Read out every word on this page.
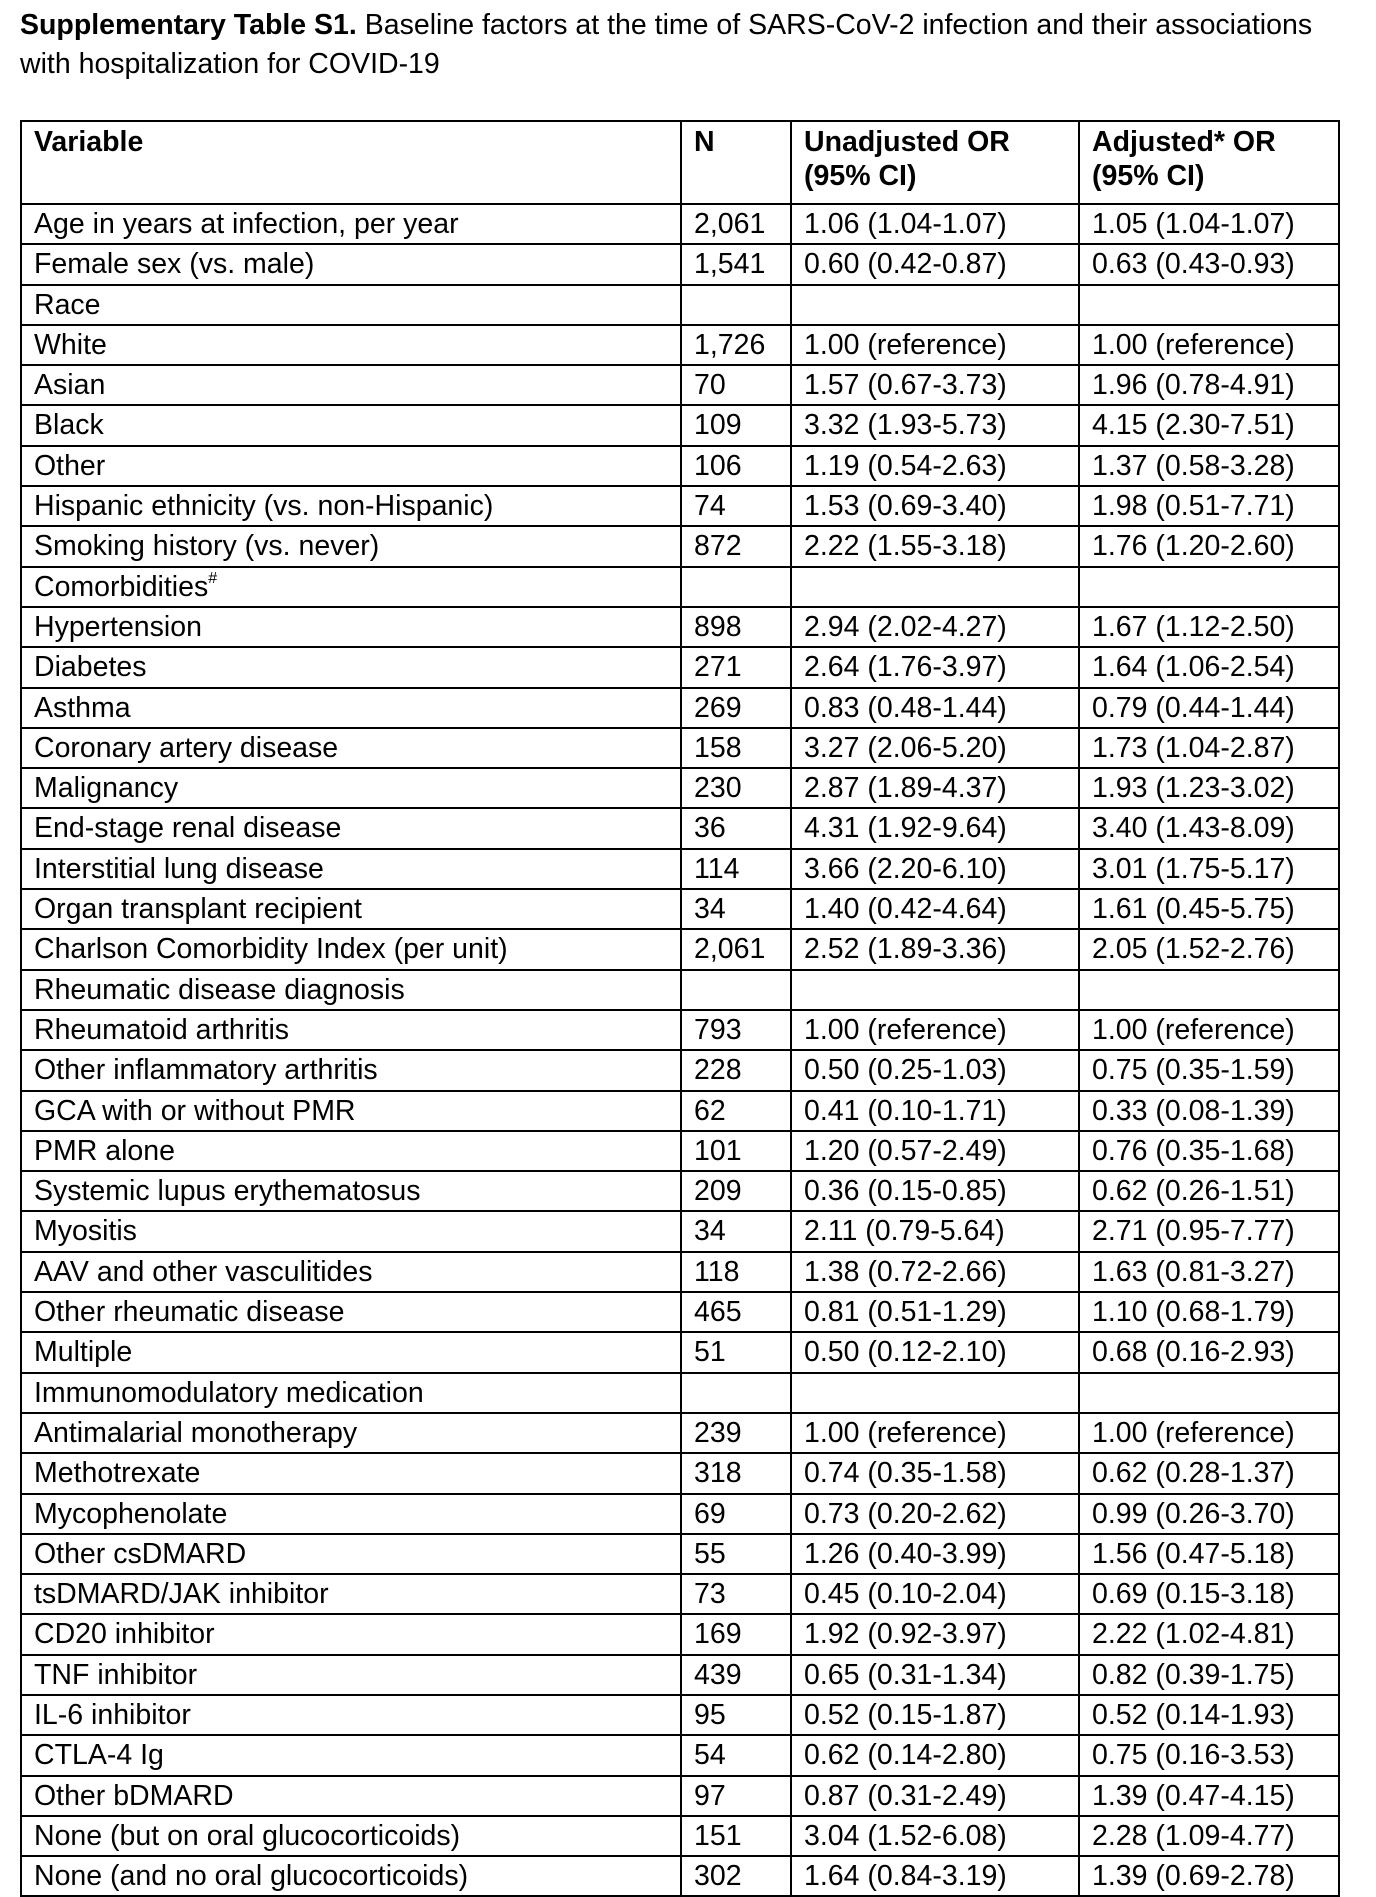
Supplementary Table S1. Baseline factors at the time of SARS-CoV-2 infection and their associations with hospitalization for COVID-19
Variable	N	Unadjusted OR (95% CI)	Adjusted* OR (95% CI)
Age in years at infection, per year	2,061	1.06 (1.04-1.07)	1.05 (1.04-1.07)
Female sex (vs. male)	1,541	0.60 (0.42-0.87)	0.63 (0.43-0.93)
Race			
White	1,726	1.00 (reference)	1.00 (reference)
Asian	70	1.57 (0.67-3.73)	1.96 (0.78-4.91)
Black	109	3.32 (1.93-5.73)	4.15 (2.30-7.51)
Other	106	1.19 (0.54-2.63)	1.37 (0.58-3.28)
Hispanic ethnicity (vs. non-Hispanic)	74	1.53 (0.69-3.40)	1.98 (0.51-7.71)
Smoking history (vs. never)	872	2.22 (1.55-3.18)	1.76 (1.20-2.60)
Comorbidities#			
Hypertension	898	2.94 (2.02-4.27)	1.67 (1.12-2.50)
Diabetes	271	2.64 (1.76-3.97)	1.64 (1.06-2.54)
Asthma	269	0.83 (0.48-1.44)	0.79 (0.44-1.44)
Coronary artery disease	158	3.27 (2.06-5.20)	1.73 (1.04-2.87)
Malignancy	230	2.87 (1.89-4.37)	1.93 (1.23-3.02)
End-stage renal disease	36	4.31 (1.92-9.64)	3.40 (1.43-8.09)
Interstitial lung disease	114	3.66 (2.20-6.10)	3.01 (1.75-5.17)
Organ transplant recipient	34	1.40 (0.42-4.64)	1.61 (0.45-5.75)
Charlson Comorbidity Index (per unit)	2,061	2.52 (1.89-3.36)	2.05 (1.52-2.76)
Rheumatic disease diagnosis			
Rheumatoid arthritis	793	1.00 (reference)	1.00 (reference)
Other inflammatory arthritis	228	0.50 (0.25-1.03)	0.75 (0.35-1.59)
GCA with or without PMR	62	0.41 (0.10-1.71)	0.33 (0.08-1.39)
PMR alone	101	1.20 (0.57-2.49)	0.76 (0.35-1.68)
Systemic lupus erythematosus	209	0.36 (0.15-0.85)	0.62 (0.26-1.51)
Myositis	34	2.11 (0.79-5.64)	2.71 (0.95-7.77)
AAV and other vasculitides	118	1.38 (0.72-2.66)	1.63 (0.81-3.27)
Other rheumatic disease	465	0.81 (0.51-1.29)	1.10 (0.68-1.79)
Multiple	51	0.50 (0.12-2.10)	0.68 (0.16-2.93)
Immunomodulatory medication			
Antimalarial monotherapy	239	1.00 (reference)	1.00 (reference)
Methotrexate	318	0.74 (0.35-1.58)	0.62 (0.28-1.37)
Mycophenolate	69	0.73 (0.20-2.62)	0.99 (0.26-3.70)
Other csDMARD	55	1.26 (0.40-3.99)	1.56 (0.47-5.18)
tsDMARD/JAK inhibitor	73	0.45 (0.10-2.04)	0.69 (0.15-3.18)
CD20 inhibitor	169	1.92 (0.92-3.97)	2.22 (1.02-4.81)
TNF inhibitor	439	0.65 (0.31-1.34)	0.82 (0.39-1.75)
IL-6 inhibitor	95	0.52 (0.15-1.87)	0.52 (0.14-1.93)
CTLA-4 Ig	54	0.62 (0.14-2.80)	0.75 (0.16-3.53)
Other bDMARD	97	0.87 (0.31-2.49)	1.39 (0.47-4.15)
None (but on oral glucocorticoids)	151	3.04 (1.52-6.08)	2.28 (1.09-4.77)
None (and no oral glucocorticoids)	302	1.64 (0.84-3.19)	1.39 (0.69-2.78)
